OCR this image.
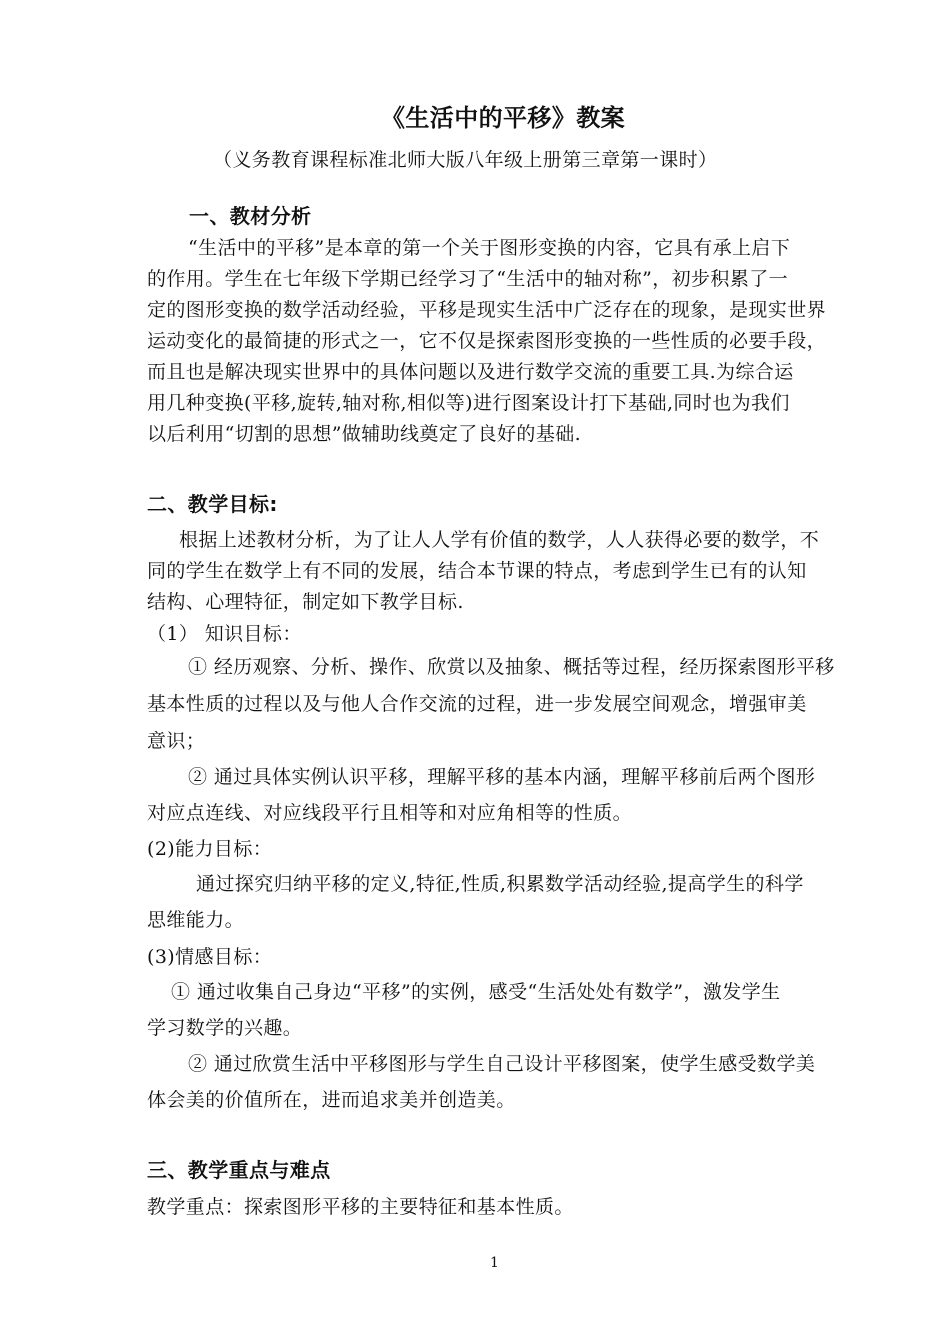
《生活中的平移》教案
（义务教育课程标准北师大版八年级上册第三章第一课时）
一、教材分析
“生活中的平移”是本章的第一个关于图形变换的内容，它具有承上启下
的作用。学生在七年级下学期已经学习了“生活中的轴对称”，初步积累了一
定的图形变换的数学活动经验，平移是现实生活中广泛存在的现象，是现实世界
运动变化的最简捷的形式之一，它不仅是探索图形变换的一些性质的必要手段，
而且也是解决现实世界中的具体问题以及进行数学交流的重要工具.为综合运
用几种变换(平移,旋转,轴对称,相似等)进行图案设计打下基础,同时也为我们
以后利用“切割的思想”做辅助线奠定了良好的基础.
二、教学目标:
根据上述教材分析，为了让人人学有价值的数学，人人获得必要的数学，不
同的学生在数学上有不同的发展，结合本节课的特点，考虑到学生已有的认知
结构、心理特征，制定如下教学目标.
（1） 知识目标：
① 经历观察、分析、操作、欣赏以及抽象、概括等过程，经历探索图形平移
基本性质的过程以及与他人合作交流的过程，进一步发展空间观念，增强审美
意识；
② 通过具体实例认识平移，理解平移的基本内涵，理解平移前后两个图形
对应点连线、对应线段平行且相等和对应角相等的性质。
(2)能力目标：
通过探究归纳平移的定义,特征,性质,积累数学活动经验,提高学生的科学
思维能力。
(3)情感目标：
① 通过收集自己身边“平移”的实例，感受“生活处处有数学”，激发学生
学习数学的兴趣。
② 通过欣赏生活中平移图形与学生自己设计平移图案，使学生感受数学美
体会美的价值所在，进而追求美并创造美。
三、教学重点与难点
教学重点：探索图形平移的主要特征和基本性质。
1
